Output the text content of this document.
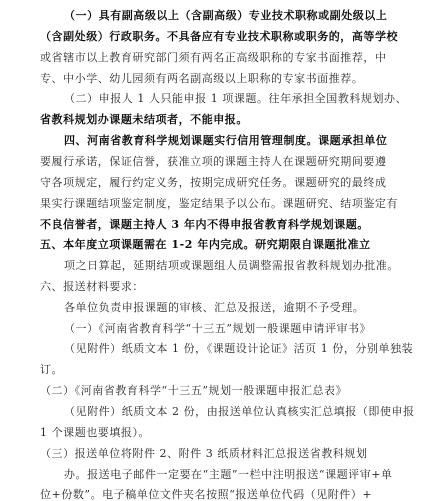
（一）具有副高级以上（含副高级）专业技术职称或副处级以上
（含副处级）行政职务。不具备应有专业技术职称或职务的，高等学校
或省辖市以上教育研究部门须有两名正高级职称的专家书面推荐，中
专、中小学、幼儿园须有两名副高级以上职称的专家书面推荐。
（二）申报人 1 人只能申报 1 项课题。往年承担全国教科规划办、
省教科规划办课题未结项者，不能申报。
四、河南省教育科学规划课题实行信用管理制度。课题承担单位
要履行承诺，保证信誉，获准立项的课题主持人在课题研究期间要遵
守各项规定，履行约定义务，按期完成研究任务。课题研究的最终成
果实行课题结项鉴定制度，鉴定结果予以公布。课题研究、结项鉴定有
不良信誉者，课题主持人 3 年内不得申报省教育科学规划课题。
五、本年度立项课题需在 1-2 年内完成。研究期限自课题批准立
项之日算起，延期结项或课题组人员调整需报省教科规划办批准。
六、报送材料要求：
各单位负责申报课题的审核、汇总及报送，逾期不予受理。
（一）《河南省教育科学“十三五”规划一般课题申请评审书》
（见附件）纸质文本 1 份，《课题设计论证》活页 1 份，分别单独装
订。
（二）《河南省教育科学“十三五”规划一般课题申报汇总表》
（见附件）纸质文本 2 份，由报送单位认真核实汇总填报（即使申报
1 个课题也要填报）。
（三）报送单位将附件 2、附件 3 纸质材料汇总报送省教科规划
办。报送电子邮件一定要在“主题”一栏中注明报送“课题评审+单
位+份数”。电子稿单位文件夹名按照“报送单位代码（见附件）+
